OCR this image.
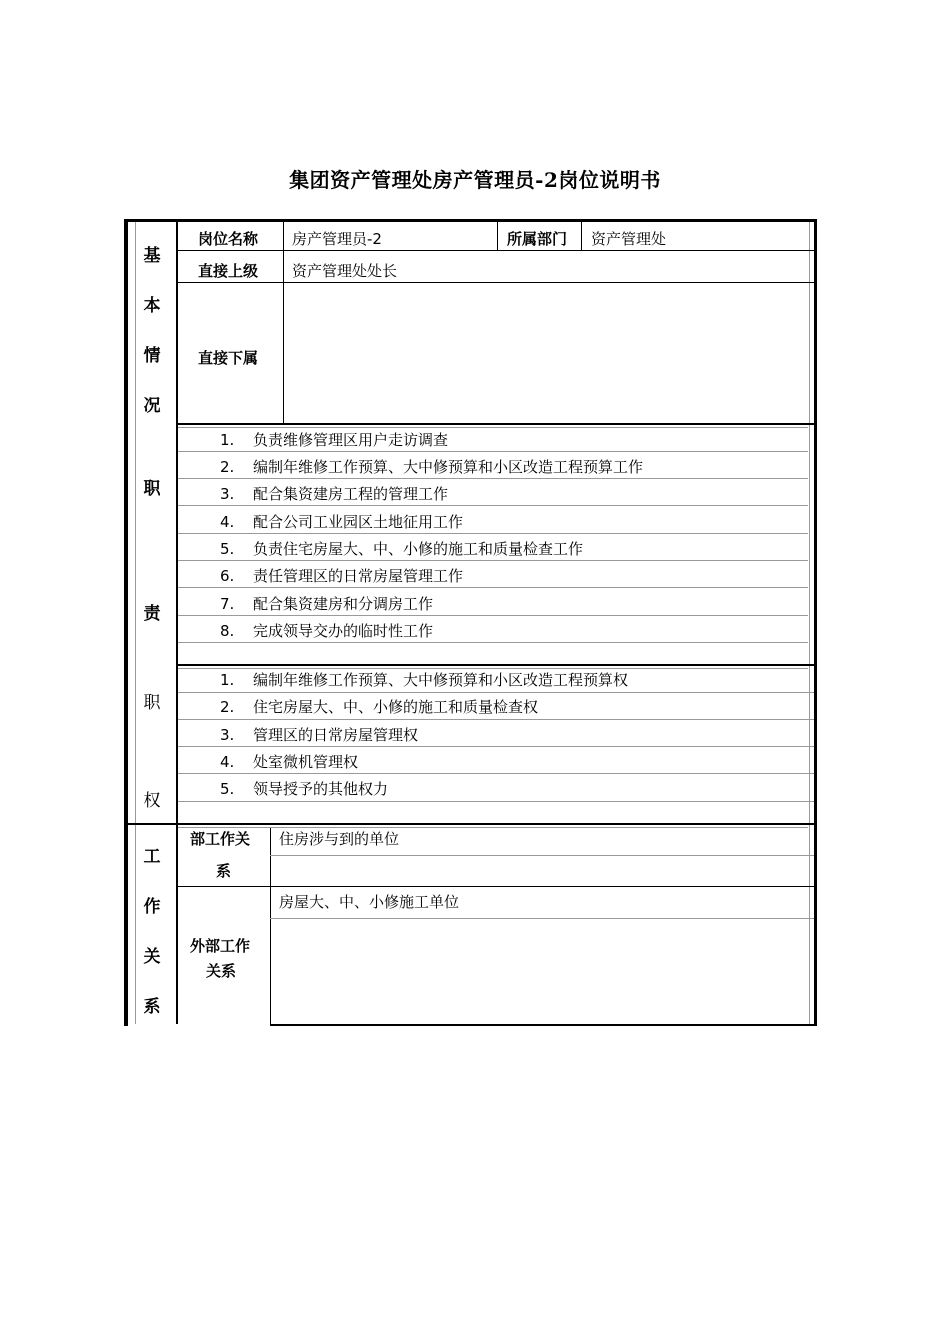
集团资产管理处房产管理员-2岗位说明书
基
本
情
况
岗位名称 房产管理员-2	所属部门 资产管理处
直接上级 资产管理处处长
直接下属
职
责
1. 负责维修管理区用户走访调查
2. 编制年维修工作预算、大中修预算和小区改造工程预算工作
3. 配合集资建房工程的管理工作
4. 配合公司工业园区土地征用工作
5. 负责住宅房屋大、中、小修的施工和质量检查工作
6. 责任管理区的日常房屋管理工作
7. 配合集资建房和分调房工作
8. 完成领导交办的临时性工作
职
权
1. 编制年维修工作预算、大中修预算和小区改造工程预算权
2. 住宅房屋大、中、小修的施工和质量检查权
3. 管理区的日常房屋管理权
4. 处室微机管理权
5. 领导授予的其他权力
工
作
关
系
部工作关
系
住房涉与到的单位
外部工作
关系
房屋大、中、小修施工单位
